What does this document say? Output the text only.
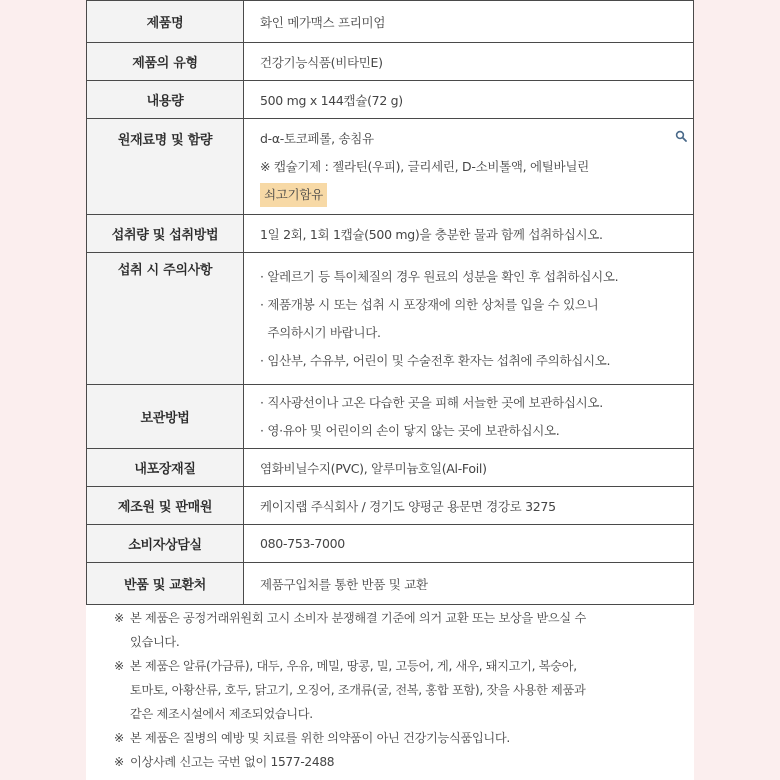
제품명	화인 메가맥스 프리미엄
제품의 유형	건강기능식품(비타민E)
내용량	500 mg x 144캡슐(72 g)
원재료명 및 함량	d-α-토코페롤, 송침유
※ 캡슐기제 : 젤라틴(우피), 글리세린, D-소비톨액, 에틸바닐린
쇠고기함유

섭취량 및 섭취방법	1일 2회, 1회 1캡슐(500 mg)을 충분한 물과 함께 섭취하십시오.
섭취 시 주의사항	· 알레르기 등 특이체질의 경우 원료의 성분을 확인 후 섭취하십시오.
· 제품개봉 시 또는 섭취 시 포장재에 의한 상처를 입을 수 있으니
주의하시기 바랍니다.
· 임산부, 수유부, 어린이 및 수술전후 환자는 섭취에 주의하십시오.

보관방법	· 직사광선이나 고온 다습한 곳을 피해 서늘한 곳에 보관하십시오.
· 영·유아 및 어린이의 손이 닿지 않는 곳에 보관하십시오.

내포장재질	염화비닐수지(PVC), 알루미늄호일(Al-Foil)
제조원 및 판매원	케이지랩 주식회사 / 경기도 양평군 용문면 경강로 3275
소비자상담실	080-753-7000
반품 및 교환처	제품구입처를 통한 반품 및 교환
※ 본 제품은 공정거래위원회 고시 소비자 분쟁해결 기준에 의거 교환 또는 보상을 받으실 수
있습니다.
※ 본 제품은 알류(가금류), 대두, 우유, 메밀, 땅콩, 밀, 고등어, 게, 새우, 돼지고기, 복숭아,
토마토, 아황산류, 호두, 닭고기, 오징어, 조개류(굴, 전복, 홍합 포함), 잣을 사용한 제품과
같은 제조시설에서 제조되었습니다.
※ 본 제품은 질병의 예방 및 치료를 위한 의약품이 아닌 건강기능식품입니다.
※ 이상사례 신고는 국번 없이 1577-2488
